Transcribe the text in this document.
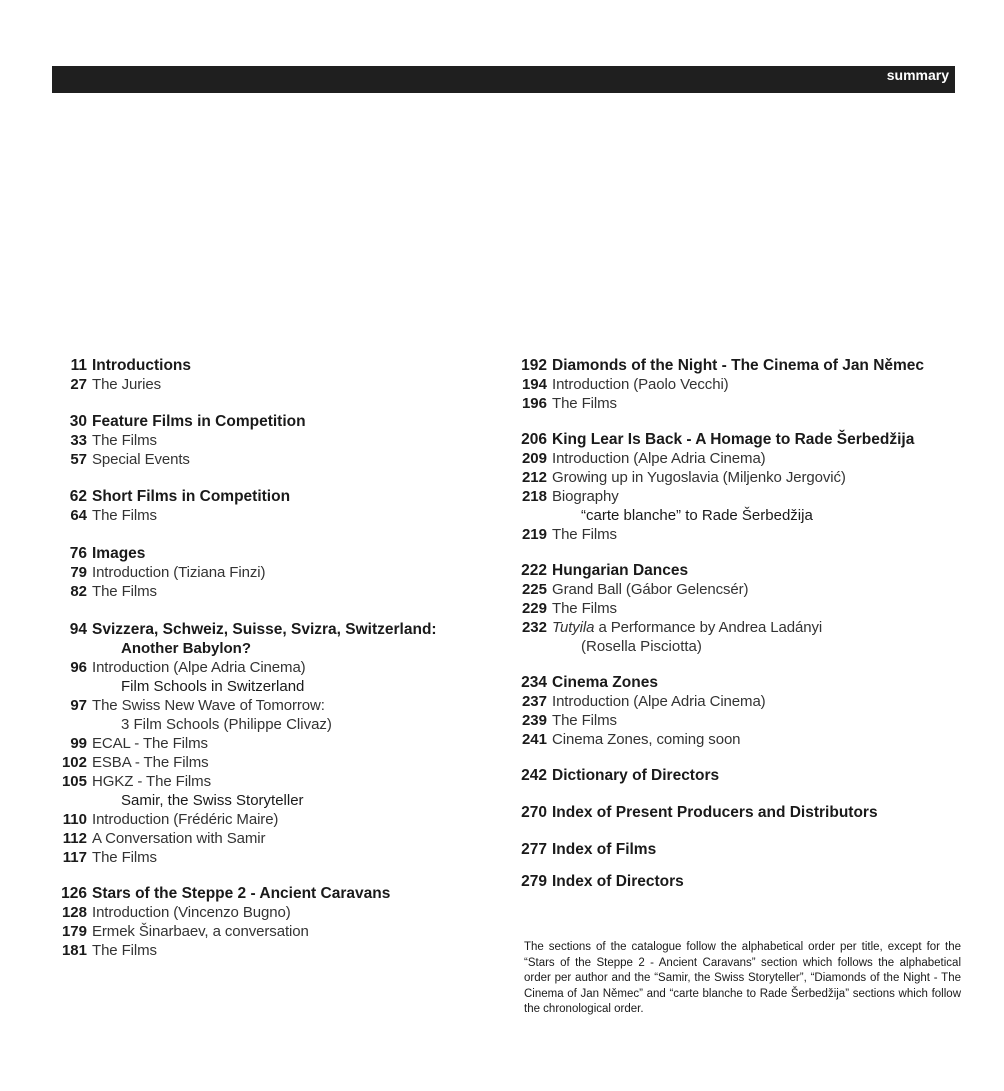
summary
11 Introductions
27 The Juries
30 Feature Films in Competition
33 The Films
57 Special Events
62 Short Films in Competition
64 The Films
76 Images
79 Introduction (Tiziana Finzi)
82 The Films
94 Svizzera, Schweiz, Suisse, Svizra, Switzerland:
Another Babylon?
96 Introduction (Alpe Adria Cinema)
Film Schools in Switzerland
97 The Swiss New Wave of Tomorrow:
3 Film Schools (Philippe Clivaz)
99 ECAL - The Films
102 ESBA - The Films
105 HGKZ - The Films
Samir, the Swiss Storyteller
110 Introduction (Frédéric Maire)
112 A Conversation with Samir
117 The Films
126 Stars of the Steppe 2 - Ancient Caravans
128 Introduction (Vincenzo Bugno)
179 Ermek Šinarbaev, a conversation
181 The Films
192 Diamonds of the Night - The Cinema of Jan Němec
194 Introduction (Paolo Vecchi)
196 The Films
206 King Lear Is Back - A Homage to Rade Šerbedžija
209 Introduction (Alpe Adria Cinema)
212 Growing up in Yugoslavia (Miljenko Jergović)
218 Biography
“carte blanche” to Rade Šerbedžija
219 The Films
222 Hungarian Dances
225 Grand Ball (Gábor Gelencsér)
229 The Films
232 Tutyila a Performance by Andrea Ladányi
(Rosella Pisciotta)
234 Cinema Zones
237 Introduction (Alpe Adria Cinema)
239 The Films
241 Cinema Zones, coming soon
242 Dictionary of Directors
270 Index of Present Producers and Distributors
277 Index of Films
279 Index of Directors
The sections of the catalogue follow the alphabetical order per title, except for the “Stars of the Steppe 2 - Ancient Caravans” section which follows the alphabetical order per author and the “Samir, the Swiss Storyteller”, “Diamonds of the Night - The Cinema of Jan Němec” and “carte blanche to Rade Šerbedžija” sections which follow the chronological order.
